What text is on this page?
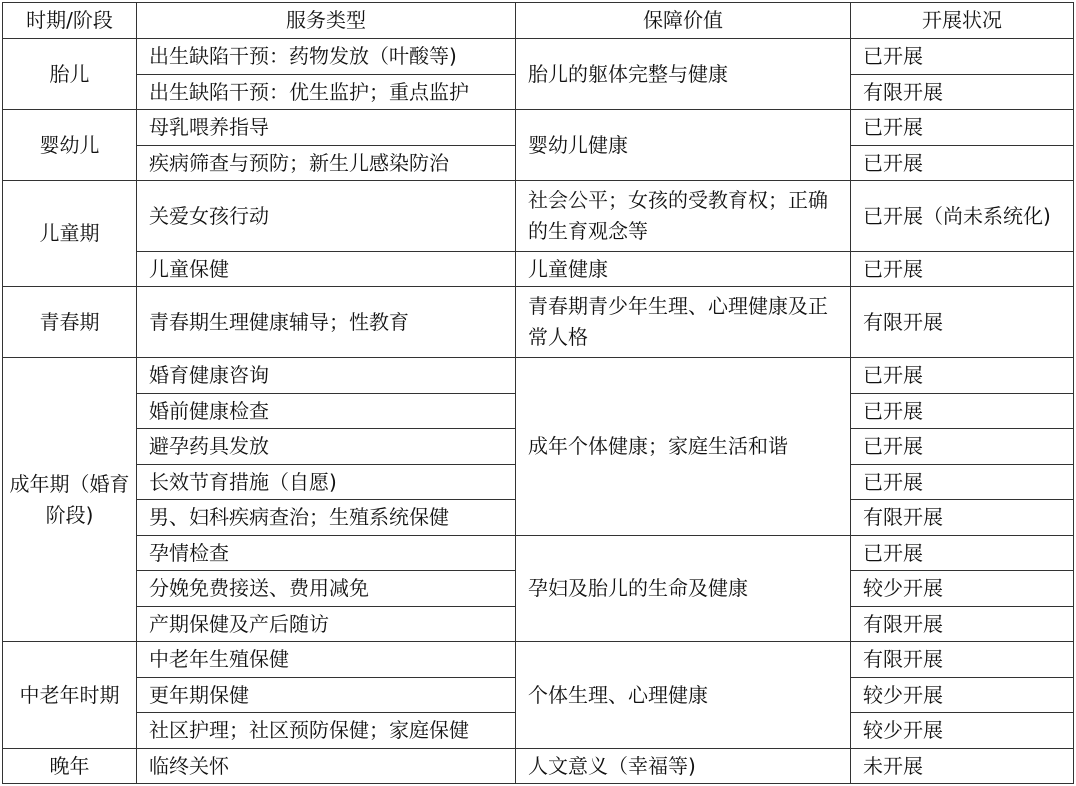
时期/阶段	服务类型	保障价值	开展状况
胎儿	出生缺陷干预：药物发放（叶酸等)	胎儿的躯体完整与健康	已开展
	出生缺陷干预：优生监护；重点监护		有限开展
婴幼儿	母乳喂养指导	婴幼儿健康	已开展
	疾病筛查与预防；新生儿感染防治		已开展
儿童期	关爱女孩行动	社会公平；女孩的受教育权；正确的生育观念等	已开展（尚未系统化)
	儿童保健	儿童健康	已开展
青春期	青春期生理健康辅导；性教育	青春期青少年生理、心理健康及正常人格	有限开展
成年期（婚育阶段)	婚育健康咨询	成年个体健康；家庭生活和谐	已开展
	婚前健康检查		已开展
	避孕药具发放		已开展
	长效节育措施（自愿)		已开展
	男、妇科疾病查治；生殖系统保健		有限开展
	孕情检查	孕妇及胎儿的生命及健康	已开展
	分娩免费接送、费用减免		较少开展
	产期保健及产后随访		有限开展
中老年时期	中老年生殖保健	个体生理、心理健康	有限开展
	更年期保健		较少开展
	社区护理；社区预防保健；家庭保健		较少开展
晚年	临终关怀	人文意义（幸福等)	未开展
